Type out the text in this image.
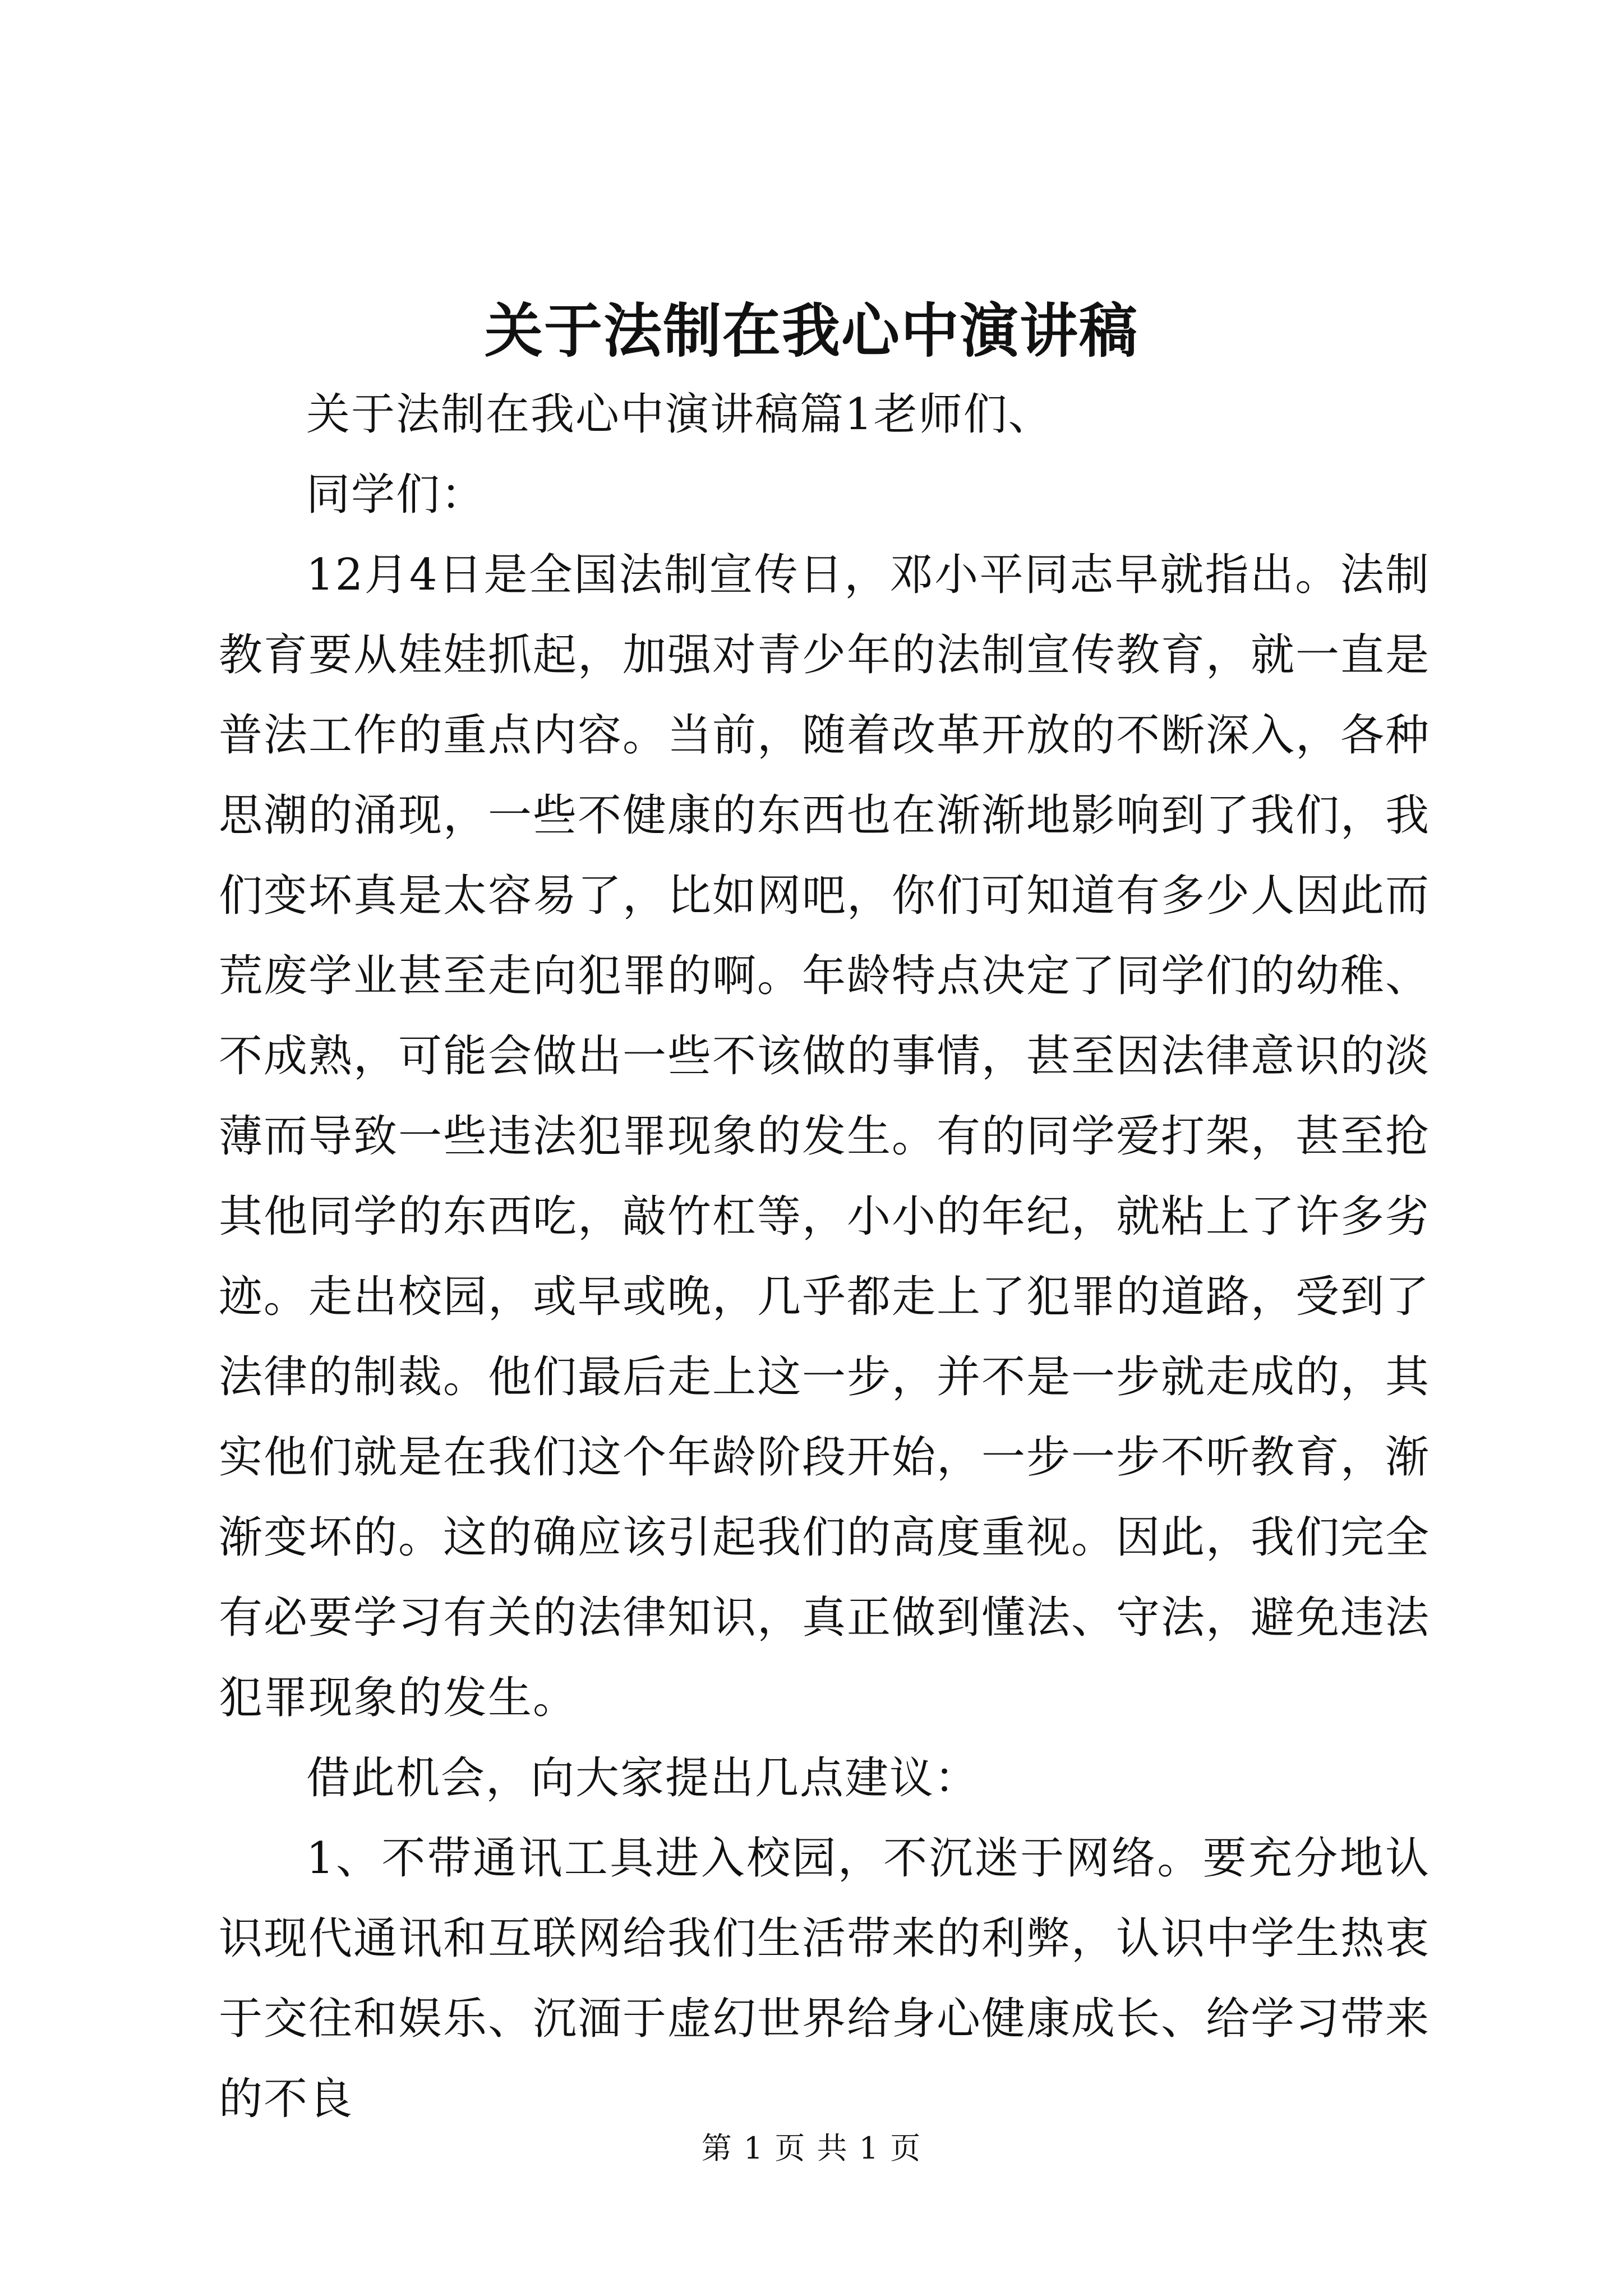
关于法制在我心中演讲稿

关于法制在我心中演讲稿篇1老师们、

同学们：

12月4日是全国法制宣传日，邓小平同志早就指出。法制教育要从娃娃抓起，加强对青少年的法制宣传教育，就一直是普法工作的重点内容。当前，随着改革开放的不断深入，各种思潮的涌现，一些不健康的东西也在渐渐地影响到了我们，我们变坏真是太容易了，比如网吧，你们可知道有多少人因此而荒废学业甚至走向犯罪的啊。年龄特点决定了同学们的幼稚、不成熟，可能会做出一些不该做的事情，甚至因法律意识的淡薄而导致一些违法犯罪现象的发生。有的同学爱打架，甚至抢其他同学的东西吃，敲竹杠等，小小的年纪，就粘上了许多劣迹。走出校园，或早或晚，几乎都走上了犯罪的道路，受到了法律的制裁。他们最后走上这一步，并不是一步就走成的，其实他们就是在我们这个年龄阶段开始，一步一步不听教育，渐渐变坏的。这的确应该引起我们的高度重视。因此，我们完全有必要学习有关的法律知识，真正做到懂法、守法，避免违法犯罪现象的发生。

借此机会，向大家提出几点建议：

1、不带通讯工具进入校园，不沉迷于网络。要充分地认识现代通讯和互联网给我们生活带来的利弊，认识中学生热衷于交往和娱乐、沉湎于虚幻世界给身心健康成长、给学习带来的不良

第 1 页 共 1 页
